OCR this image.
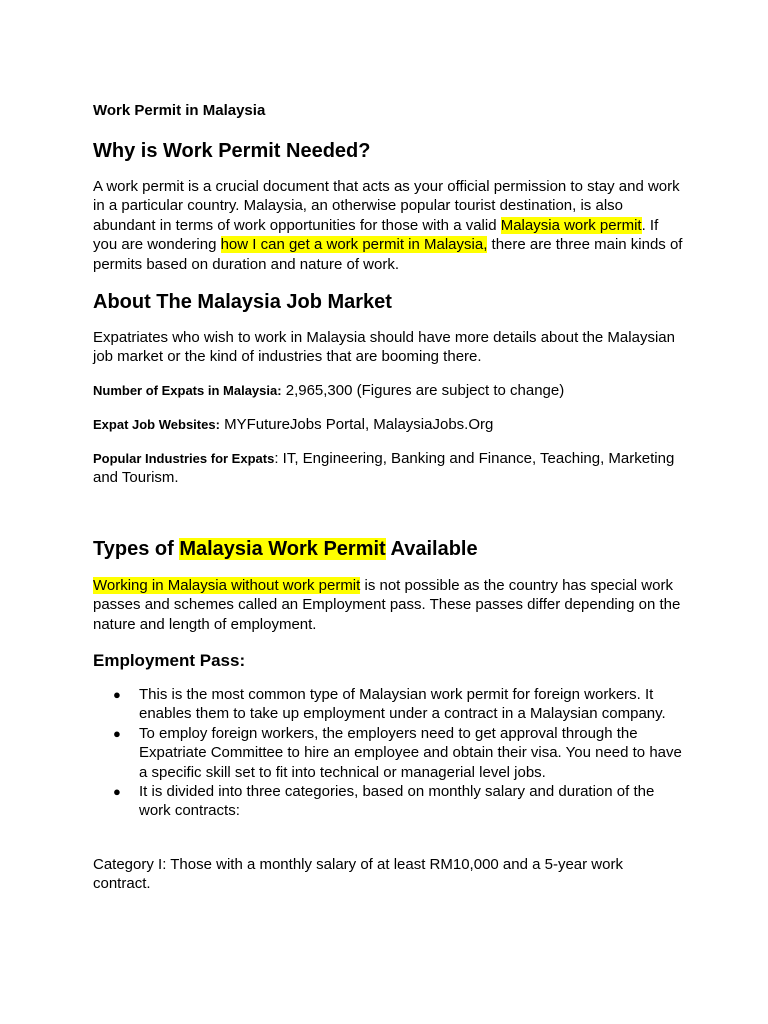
Work Permit in Malaysia
Why is Work Permit Needed?

A work permit is a crucial document that acts as your official permission to stay and work in a particular country. Malaysia, an otherwise popular tourist destination, is also abundant in terms of work opportunities for those with a valid Malaysia work permit. If you are wondering how I can get a work permit in Malaysia, there are three main kinds of permits based on duration and nature of work.

About The Malaysia Job Market

Expatriates who wish to work in Malaysia should have more details about the Malaysian job market or the kind of industries that are booming there.

Number of Expats in Malaysia: 2,965,300 (Figures are subject to change)

Expat Job Websites: MYFutureJobs Portal, MalaysiaJobs.Org

Popular Industries for Expats: IT, Engineering, Banking and Finance, Teaching, Marketing and Tourism.

Types of Malaysia Work Permit Available

Working in Malaysia without work permit is not possible as the country has special work passes and schemes called an Employment pass. These passes differ depending on the nature and length of employment.

Employment Pass:
● This is the most common type of Malaysian work permit for foreign workers. It enables them to take up employment under a contract in a Malaysian company.
● To employ foreign workers, the employers need to get approval through the Expatriate Committee to hire an employee and obtain their visa. You need to have a specific skill set to fit into technical or managerial level jobs.
● It is divided into three categories, based on monthly salary and duration of the work contracts:

Category I: Those with a monthly salary of at least RM10,000 and a 5-year work contract.
